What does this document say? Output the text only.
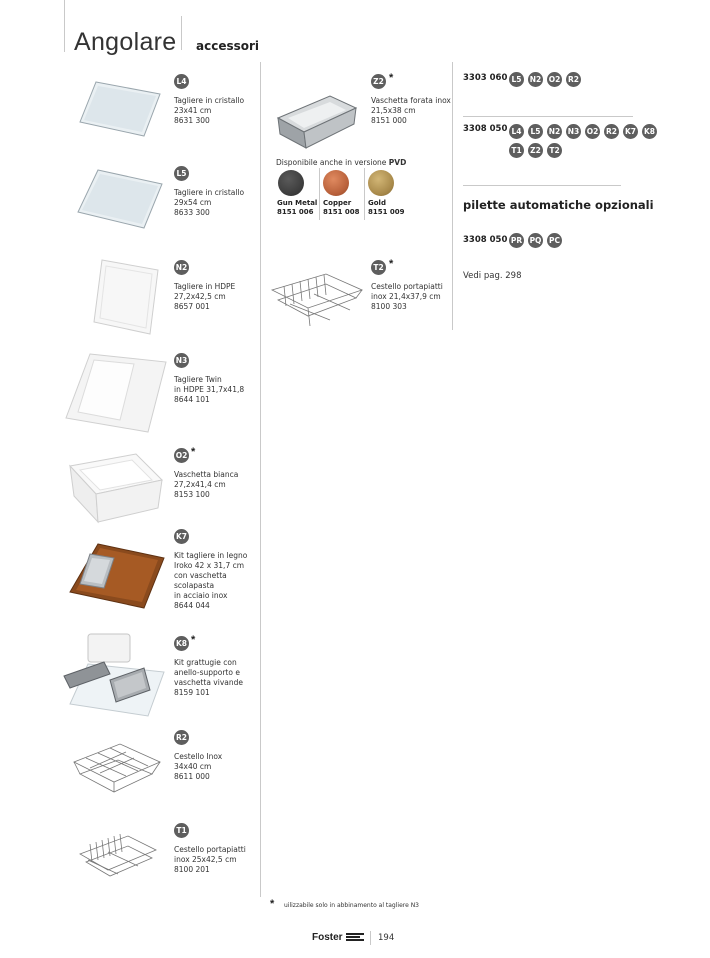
Angolare accessori
L4
Tagliere in cristallo
23x41 cm
8631 300
L5
Tagliere in cristallo
29x54 cm
8633 300
N2
Tagliere in HDPE
27,2x42,5 cm
8657 001
N3
Tagliere Twin
in HDPE 31,7x41,8
8644 101
O2 *
Vaschetta bianca
27,2x41,4 cm
8153 100
K7
Kit tagliere in legno
Iroko 42 x 31,7 cm
con vaschetta
scolapasta
in acciaio inox
8644 044
K8 *
Kit grattugie con
anello-supporto e
vaschetta vivande
8159 101
R2
Cestello Inox
34x40 cm
8611 000
T1
Cestello portapiatti
inox 25x42,5 cm
8100 201
Z2 *
Vaschetta forata inox
21,5x38 cm
8151 000
Disponibile anche in versione PVD
Gun Metal
8151 006
Copper
8151 008
Gold
8151 009
T2 *
Cestello portapiatti
inox 21,4x37,9 cm
8100 303
3303 060 L5	N2 O2 R2
3308 050 L4	L5	N2 N3 O2 R2 K7 K8
T1	Z2	T2
pilette automatiche opzionali
3308 050 PR PQ PC
Vedi pag. 298
* uilizzabile solo in abbinamento al tagliere N3
Foster	194
